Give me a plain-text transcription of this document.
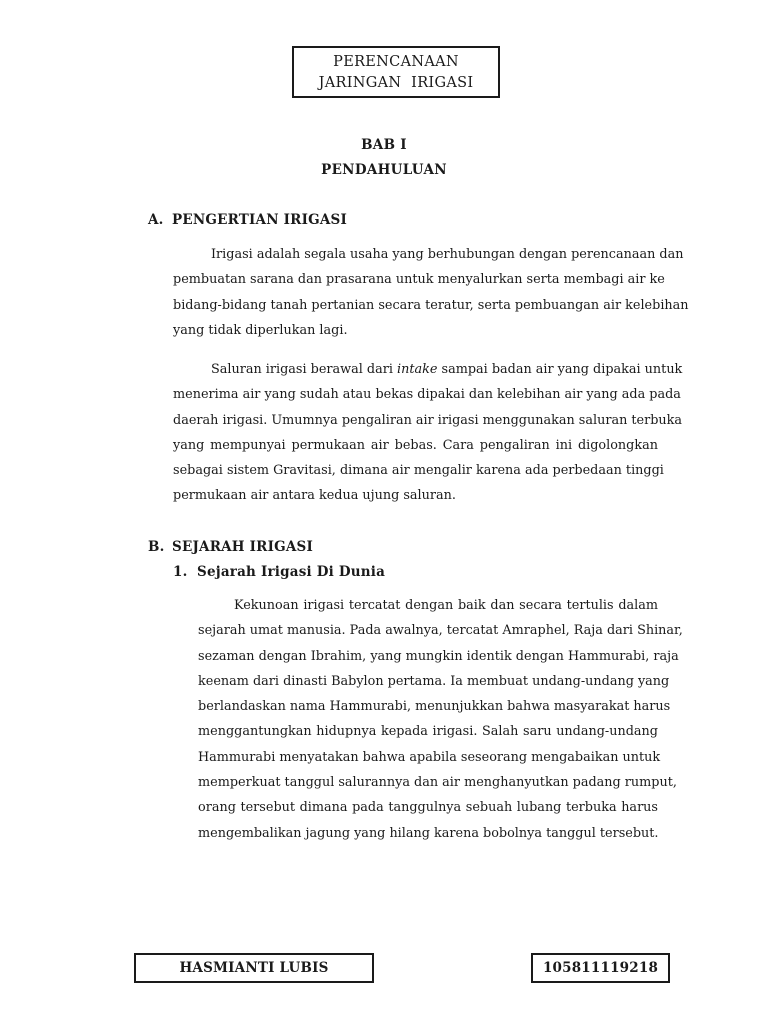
PERENCANAAN
JARINGAN  IRIGASI
BAB I
PENDAHULUAN
A. PENGERTIAN IRIGASI
Irigasi adalah segala usaha yang berhubungan dengan perencanaan dan
pembuatan sarana dan prasarana untuk menyalurkan serta membagi air ke
bidang-bidang tanah pertanian secara teratur, serta pembuangan air kelebihan
yang tidak diperlukan lagi.
Saluran irigasi berawal dari intake sampai badan air yang dipakai untuk
menerima air yang sudah atau bekas dipakai dan kelebihan air yang ada pada
daerah irigasi. Umumnya pengaliran air irigasi menggunakan saluran terbuka
yang mempunyai permukaan air bebas. Cara pengaliran ini digolongkan
sebagai sistem Gravitasi, dimana air mengalir karena ada perbedaan tinggi
permukaan air antara kedua ujung saluran.
B. SEJARAH IRIGASI
1. Sejarah Irigasi Di Dunia
Kekunoan irigasi tercatat dengan baik dan secara tertulis dalam
sejarah umat manusia. Pada awalnya, tercatat Amraphel, Raja dari Shinar,
sezaman dengan Ibrahim, yang mungkin identik dengan Hammurabi, raja
keenam dari dinasti Babylon pertama. Ia membuat undang-undang yang
berlandaskan nama Hammurabi, menunjukkan bahwa masyarakat harus
menggantungkan hidupnya kepada irigasi. Salah saru undang-undang
Hammurabi menyatakan bahwa apabila seseorang mengabaikan untuk
memperkuat tanggul salurannya dan air menghanyutkan padang rumput,
orang tersebut dimana pada tanggulnya sebuah lubang terbuka harus
mengembalikan jagung yang hilang karena bobolnya tanggul tersebut.
HASMIANTI LUBIS	105811119218
